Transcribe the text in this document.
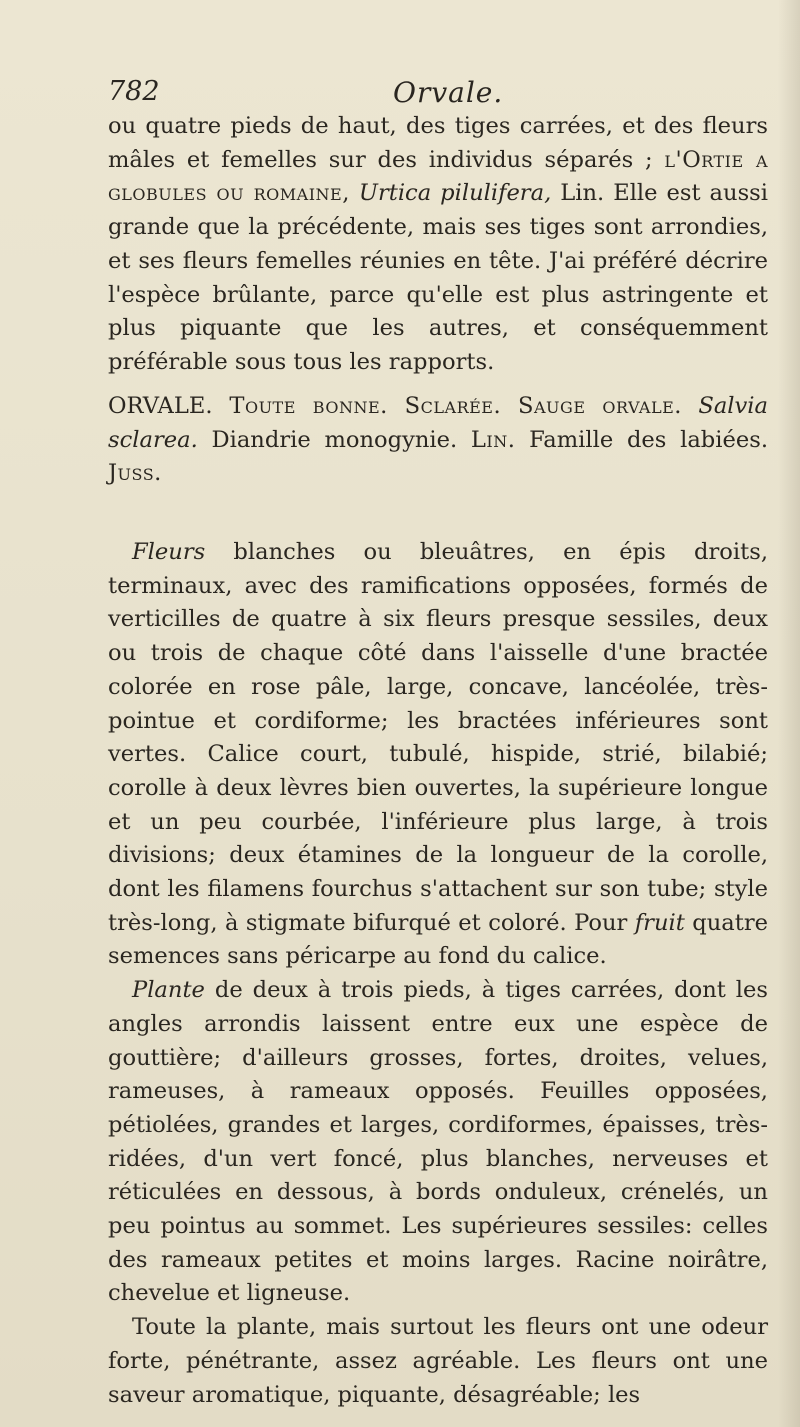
782	Orvale.
ou quatre pieds de haut, des tiges carrées, et des fleurs mâles et femelles sur des individus séparés ; l'Ortie a globules ou romaine, Urtica pilulifera, Lin. Elle est aussi grande que la précédente, mais ses tiges sont arrondies, et ses fleurs femelles réunies en tête. J'ai préféré décrire l'espèce brûlante, parce qu'elle est plus astringente et plus piquante que les autres, et conséquemment préférable sous tous les rapports.
ORVALE. Toute bonne. Sclarée. Sauge orvale. Salvia sclarea. Diandrie monogynie. Lin. Famille des labiées. Juss.
Fleurs blanches ou bleuâtres, en épis droits, terminaux, avec des ramifications opposées, formés de verticilles de quatre à six fleurs presque sessiles, deux ou trois de chaque côté dans l'aisselle d'une bractée colorée en rose pâle, large, concave, lancéolée, très-pointue et cordiforme; les bractées inférieures sont vertes. Calice court, tubulé, hispide, strié, bilabié; corolle à deux lèvres bien ouvertes, la supérieure longue et un peu courbée, l'inférieure plus large, à trois divisions; deux étamines de la longueur de la corolle, dont les filamens fourchus s'attachent sur son tube; style très-long, à stigmate bifurqué et coloré. Pour fruit quatre semences sans péricarpe au fond du calice.
Plante de deux à trois pieds, à tiges carrées, dont les angles arrondis laissent entre eux une espèce de gouttière; d'ailleurs grosses, fortes, droites, velues, rameuses, à rameaux opposés. Feuilles opposées, pétiolées, grandes et larges, cordiformes, épaisses, très-ridées, d'un vert foncé, plus blanches, nerveuses et réticulées en dessous, à bords onduleux, crénelés, un peu pointus au sommet. Les supérieures sessiles: celles des rameaux petites et moins larges. Racine noirâtre, chevelue et ligneuse.
Toute la plante, mais surtout les fleurs ont une odeur forte, pénétrante, assez agréable. Les fleurs ont une saveur aromatique, piquante, désagréable; les
